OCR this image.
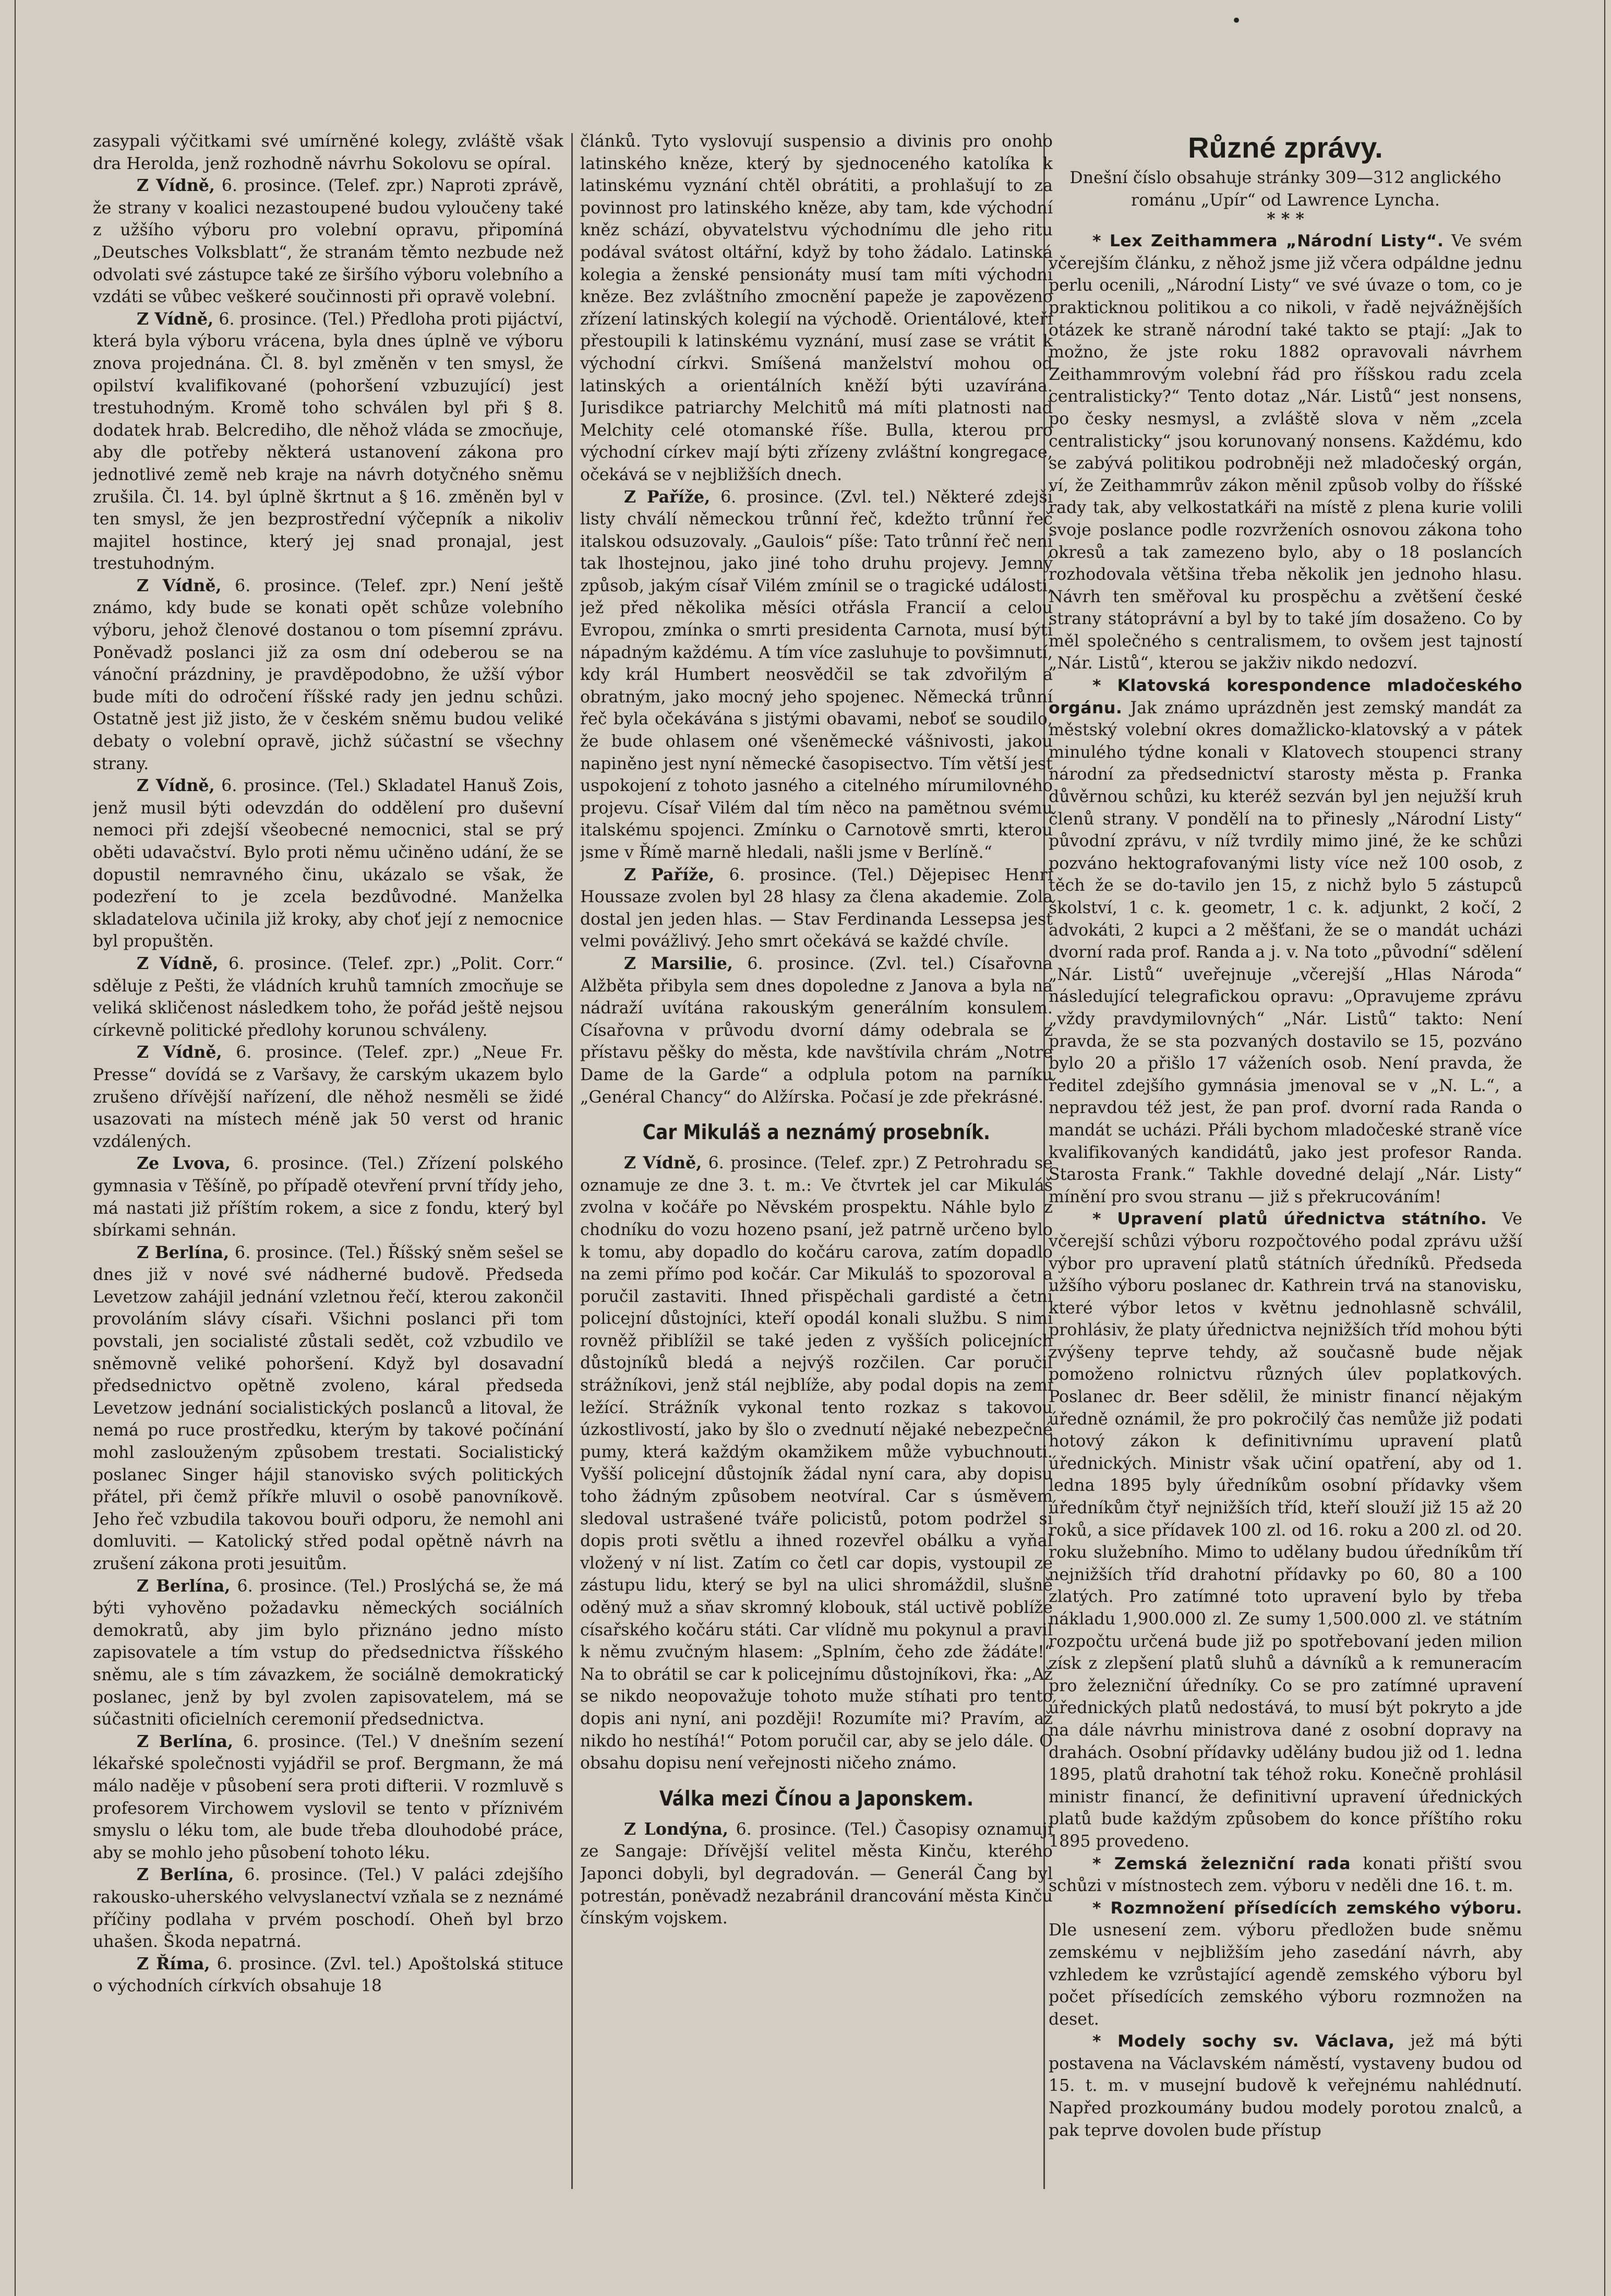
•

zasypali výčitkami své umírněné kolegy, zvláště však dra Herolda, jenž rozhodně návrhu Sokolovu se opíral.

Z Vídně, 6. prosince. (Telef. zpr.) Naproti zprávě, že strany v koalici nezastoupené budou vyloučeny také z užšího výboru pro volební opravu, připomíná „Deutsches Volksblatt“, že stranám těmto nezbude než odvolati své zástupce také ze širšího výboru volebního a vzdáti se vůbec veškeré součinnosti při opravě volební.

Z Vídně, 6. prosince. (Tel.) Předloha proti pijáctví, která byla výboru vrácena, byla dnes úplně ve výboru znova projednána. Čl. 8. byl změněn v ten smysl, že opilství kvalifikované (pohoršení vzbuzující) jest trestuhodným. Kromě toho schválen byl při § 8. dodatek hrab. Belcrediho, dle něhož vláda se zmocňuje, aby dle potřeby některá ustanovení zákona pro jednotlivé země neb kraje na návrh dotyčného sněmu zrušila. Čl. 14. byl úplně škrtnut a § 16. změněn byl v ten smysl, že jen bezprostřední výčepník a nikoliv majitel hostince, který jej snad pronajal, jest trestuhodným.

Z Vídně, 6. prosince. (Telef. zpr.) Není ještě známo, kdy bude se konati opět schůze volebního výboru, jehož členové dostanou o tom písemní zprávu. Poněvadž poslanci již za osm dní odeberou se na vánoční prázdniny, je pravděpodobno, že užší výbor bude míti do odročení říšské rady jen jednu schůzi. Ostatně jest již jisto, že v českém sněmu budou veliké debaty o volební opravě, jichž súčastní se všechny strany.

Z Vídně, 6. prosince. (Tel.) Skladatel Hanuš Zois, jenž musil býti odevzdán do oddělení pro duševní nemoci při zdejší všeobecné nemocnici, stal se prý oběti udavačství. Bylo proti němu učiněno udání, že se dopustil nemravného činu, ukázalo se však, že podezření to je zcela bezdůvodné. Manželka skladatelova učinila již kroky, aby choť její z nemocnice byl propuštěn.

Z Vídně, 6. prosince. (Telef. zpr.) „Polit. Corr.“ sděluje z Pešti, že vládních kruhů tamních zmocňuje se veliká skličenost následkem toho, že pořád ještě nejsou církevně politické předlohy korunou schváleny.

Z Vídně, 6. prosince. (Telef. zpr.) „Neue Fr. Presse“ dovídá se z Varšavy, že carským ukazem bylo zrušeno dřívější nařízení, dle něhož nesměli se židé usazovati na místech méně jak 50 verst od hranic vzdálených.

Ze Lvova, 6. prosince. (Tel.) Zřízení polského gymnasia v Těšíně, po případě otevření první třídy jeho, má nastati již příštím rokem, a sice z fondu, který byl sbírkami sehnán.

Z Berlína, 6. prosince. (Tel.) Říšský sněm sešel se dnes již v nové své nádherné budově. Předseda Levetzow zahájil jednání vzletnou řečí, kterou zakončil provoláním slávy císaři. Všichni poslanci při tom povstali, jen socialisté zůstali sedět, což vzbudilo ve sněmovně veliké pohoršení. Když byl dosavadní předsednictvo opětně zvoleno, káral předseda Levetzow jednání socialistických poslanců a litoval, že nemá po ruce prostředku, kterým by takové počínání mohl zaslouženým způsobem trestati. Socialistický poslanec Singer hájil stanovisko svých politických přátel, při čemž příkře mluvil o osobě panovníkově. Jeho řeč vzbudila takovou bouři odporu, že nemohl ani domluviti. — Katolický střed podal opětně návrh na zrušení zákona proti jesuitům.

Z Berlína, 6. prosince. (Tel.) Proslýchá se, že má býti vyhověno požadavku německých sociálních demokratů, aby jim bylo přiznáno jedno místo zapisovatele a tím vstup do předsednictva říšského sněmu, ale s tím závazkem, že sociálně demokratický poslanec, jenž by byl zvolen zapisovatelem, má se súčastniti oficielních ceremonií předsednictva.

Z Berlína, 6. prosince. (Tel.) V dnešním sezení lékařské společnosti vyjádřil se prof. Bergmann, že má málo naděje v působení sera proti difterii. V rozmluvě s profesorem Virchowem vyslovil se tento v příznivém smyslu o léku tom, ale bude třeba dlouhodobé práce, aby se mohlo jeho působení tohoto léku.

Z Berlína, 6. prosince. (Tel.) V paláci zdejšího rakousko-uherského velvyslanectví vzňala se z neznámé příčiny podlaha v prvém poschodí. Oheň byl brzo uhašen. Škoda nepatrná.

Z Říma, 6. prosince. (Zvl. tel.) Apoštolská stituce o východních církvích obsahuje 18

článků. Tyto vyslovují suspensio a divinis pro onoho latinského kněze, který by sjednoceného katolíka k latinskému vyznání chtěl obrátiti, a prohlašují to za povinnost pro latinského kněze, aby tam, kde východní kněz schází, obyvatelstvu východnímu dle jeho ritu podával svátost oltářní, když by toho žádalo. Latinská kolegia a ženské pensionáty musí tam míti východní kněze. Bez zvláštního zmocnění papeže je zapovězeno zřízení latinských kolegií na východě. Orientálové, kteří přestoupili k latinskému vyznání, musí zase se vrátit k východní církvi. Smíšená manželství mohou od latinských a orientálních kněží býti uzavírána. Jurisdikce patriarchy Melchitů má míti platnosti nad Melchity celé otomanské říše. Bulla, kterou pro východní církev mají býti zřízeny zvláštní kongregace, očekává se v nejbližších dnech.

Z Paříže, 6. prosince. (Zvl. tel.) Některé zdejší listy chválí německou trůnní řeč, kdežto trůnní řeč italskou odsuzovaly. „Gaulois“ píše: Tato trůnní řeč není tak lhostejnou, jako jiné toho druhu projevy. Jemný způsob, jakým císař Vilém zmínil se o tragické události, jež před několika měsíci otřásla Francií a celou Evropou, zmínka o smrti presidenta Carnota, musí býti nápadným každému. A tím více zasluhuje to povšimnutí, kdy král Humbert neosvědčil se tak zdvořilým a obratným, jako mocný jeho spojenec. Německá trůnní řeč byla očekávána s jistými obavami, neboť se soudilo, že bude ohlasem oné všeněmecké vášnivosti, jakou napiněno jest nyní německé časopisectvo. Tím větší jest uspokojení z tohoto jasného a citelného mírumilovného projevu. Císař Vilém dal tím něco na pamětnou svému italskému spojenci. Zmínku o Carnotově smrti, kterou jsme v Římě marně hledali, našli jsme v Berlíně.“

Z Paříže, 6. prosince. (Tel.) Dějepisec Henri Houssaze zvolen byl 28 hlasy za člena akademie. Zola dostal jen jeden hlas. — Stav Ferdinanda Lessepsa jest velmi povážlivý. Jeho smrt očekává se každé chvíle.

Z Marsilie, 6. prosince. (Zvl. tel.) Císařovna Alžběta přibyla sem dnes dopoledne z Janova a byla na nádraží uvítána rakouským generálním konsulem. Císařovna v průvodu dvorní dámy odebrala se z přístavu pěšky do města, kde navštívila chrám „Notre Dame de la Garde“ a odplula potom na parníku „Genéral Chancy“ do Alžírska. Počasí je zde překrásné.

Car Mikuláš a neznámý prosebník.

Z Vídně, 6. prosince. (Telef. zpr.) Z Petrohradu se oznamuje ze dne 3. t. m.: Ve čtvrtek jel car Mikuláš zvolna v kočáře po Něvském prospektu. Náhle bylo z chodníku do vozu hozeno psaní, jež patrně určeno bylo k tomu, aby dopadlo do kočáru carova, zatím dopadlo na zemi přímo pod kočár. Car Mikuláš to spozoroval a poručil zastaviti. Ihned přispěchali gardisté a četní policejní důstojníci, kteří opodál konali službu. S nimi rovněž přiblížil se také jeden z vyšších policejních důstojníků bledá a nejvýš rozčilen. Car poručil strážníkovi, jenž stál nejblíže, aby podal dopis na zemi ležící. Strážník vykonal tento rozkaz s takovou úzkostlivostí, jako by šlo o zvednutí nějaké nebezpečné pumy, která každým okamžikem může vybuchnouti. Vyšší policejní důstojník žádal nyní cara, aby dopisu toho žádným způsobem neotvíral. Car s úsměvem sledoval ustrašené tváře policistů, potom podržel si dopis proti světlu a ihned rozevřel obálku a vyňal vložený v ní list. Zatím co četl car dopis, vystoupil ze zástupu lidu, který se byl na ulici shromáždil, slušně oděný muž a sňav skromný klobouk, stál uctivě poblíže císařského kočáru státi. Car vlídně mu pokynul a pravil k němu zvučným hlasem: „Splním, čeho zde žádáte!“ Na to obrátil se car k policejnímu důstojníkovi, řka: „Až se nikdo neopovažuje tohoto muže stíhati pro tento dopis ani nyní, ani později! Rozumíte mi? Pravím, až nikdo ho nestíhá!“ Potom poručil car, aby se jelo dále. O obsahu dopisu není veřejnosti ničeho známo.

Válka mezi Čínou a Japonskem.

Z Londýna, 6. prosince. (Tel.) Časopisy oznamují ze Sangaje: Dřívější velitel města Kinču, kterého Japonci dobyli, byl degradován. — Generál Čang byl potrestán, poněvadž nezabránil drancování města Kinču čínským vojskem.

Různé zprávy.

Dnešní číslo obsahuje stránky 309—312 anglického románu „Upír“ od Lawrence Lyncha.

* * *

* Lex Zeithammera „Národní Listy“. Ve svém včerejším článku, z něhož jsme již včera odpáldne jednu perlu ocenili, „Národní Listy“ ve své úvaze o tom, co je prakticknou politikou a co nikoli, v řadě nejvážnějších otázek ke straně národní také takto se ptají: „Jak to možno, že jste roku 1882 opravovali návrhem Zeithammrovým volební řád pro říšskou radu zcela centralisticky?“ Tento dotaz „Nár. Listů“ jest nonsens, po česky nesmysl, a zvláště slova v něm „zcela centralisticky“ jsou korunovaný nonsens. Každému, kdo se zabývá politikou podrobněji než mladočeský orgán, ví, že Zeithammrův zákon měnil způsob volby do říšské rady tak, aby velkostatkáři na místě z plena kurie volili svoje poslance podle rozvrženích osnovou zákona toho okresů a tak zamezeno bylo, aby o 18 poslancích rozhodovala většina třeba několik jen jednoho hlasu. Návrh ten směřoval ku prospěchu a zvětšení české strany státoprávní a byl by to také jím dosaženo. Co by měl společného s centralismem, to ovšem jest tajností „Nár. Listů“, kterou se jakživ nikdo nedozví.

* Klatovská korespondence mladočeského orgánu. Jak známo uprázdněn jest zemský mandát za městský volební okres domažlicko-klatovský a v pátek minulého týdne konali v Klatovech stoupenci strany národní za předsednictví starosty města p. Franka důvěrnou schůzi, ku kteréž sezván byl jen nejužší kruh členů strany. V pondělí na to přinesly „Národní Listy“ původní zprávu, v níž tvrdily mimo jiné, že ke schůzi pozváno hektografovanými listy více než 100 osob, z těch že se do-tavilo jen 15, z nichž bylo 5 zástupců školství, 1 c. k. geometr, 1 c. k. adjunkt, 2 kočí, 2 advokáti, 2 kupci a 2 měšťani, že se o mandát ucházi dvorní rada prof. Randa a j. v. Na toto „původní“ sdělení „Nár. Listů“ uveřejnuje „včerejší „Hlas Národa“ následující telegrafickou opravu: „Opravujeme zprávu „vždy pravdymilovných“ „Nár. Listů“ takto: Není pravda, že se sta pozvaných dostavilo se 15, pozváno bylo 20 a přišlo 17 váženích osob. Není pravda, že ředitel zdejšího gymnásia jmenoval se v „N. L.“, a nepravdou též jest, že pan prof. dvorní rada Randa o mandát se ucházi. Přáli bychom mladočeské straně více kvalifikovaných kandidátů, jako jest profesor Randa. Starosta Frank.“ Takhle dovedné delají „Nár. Listy“ mínění pro svou stranu — již s překrucováním!

* Upravení platů úřednictva státního. Ve včerejší schůzi výboru rozpočtového podal zprávu užší výbor pro upravení platů státních úředníků. Předseda užšího výboru poslanec dr. Kathrein trvá na stanovisku, které výbor letos v květnu jednohlasně schválil, prohlásiv, že platy úřednictva nejnižších tříd mohou býti zvýšeny teprve tehdy, až současně bude nějak pomoženo rolnictvu různých úlev poplatkových. Poslanec dr. Beer sdělil, že ministr financí nějakým úředně oznámil, že pro pokročilý čas nemůže již podati hotový zákon k definitivnímu upravení platů úřednických. Ministr však učiní opatření, aby od 1. ledna 1895 byly úředníkům osobní přídavky všem úředníkům čtyř nejnižších tříd, kteří slouží již 15 až 20 roků, a sice přídavek 100 zl. od 16. roku a 200 zl. od 20. roku služebního. Mimo to udělany budou úředníkům tří nejnižších tříd drahotní přídavky po 60, 80 a 100 zlatých. Pro zatímné toto upravení bylo by třeba nákladu 1,900.000 zl. Ze sumy 1,500.000 zl. ve státním rozpočtu určená bude již po spotřebovaní jeden milion získ z zlepšení platů sluhů a dávníků a k remuneracím pro železniční úředníky. Co se pro zatímné upravení úřednických platů nedostává, to musí být pokryto a jde na dále návrhu ministrova dané z osobní dopravy na drahách. Osobní přídavky udělány budou již od 1. ledna 1895, platů drahotní tak téhož roku. Konečně prohlásil ministr financí, že definitivní upravení úřednických platů bude každým způsobem do konce příštího roku 1895 provedeno.

* Zemská železniční rada konati přiští svou schůzi v místnostech zem. výboru v neděli dne 16. t. m.

* Rozmnožení přísedících zemského výboru. Dle usnesení zem. výboru předložen bude sněmu zemskému v nejbližším jeho zasedání návrh, aby vzhledem ke vzrůstající agendě zemského výboru byl počet přísedících zemského výboru rozmnožen na deset.

* Modely sochy sv. Václava, jež má býti postavena na Václavském náměstí, vystaveny budou od 15. t. m. v musejní budově k veřejnému nahlédnutí. Napřed prozkoumány budou modely porotou znalců, a pak teprve dovolen bude přístup
